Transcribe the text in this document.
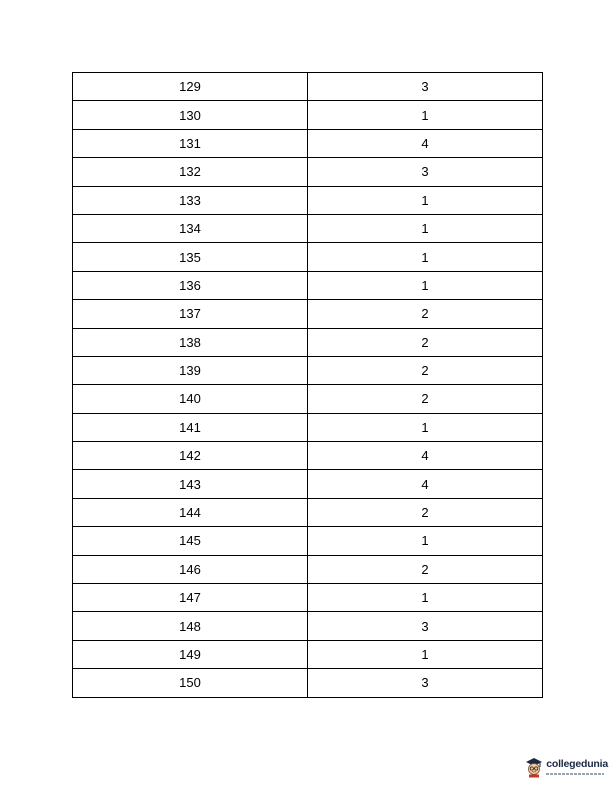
129	3
130	1
131	4
132	3
133	1
134	1
135	1
136	1
137	2
138	2
139	2
140	2
141	1
142	4
143	4
144	2
145	1
146	2
147	1
148	3
149	1
150	3
collegedunia
